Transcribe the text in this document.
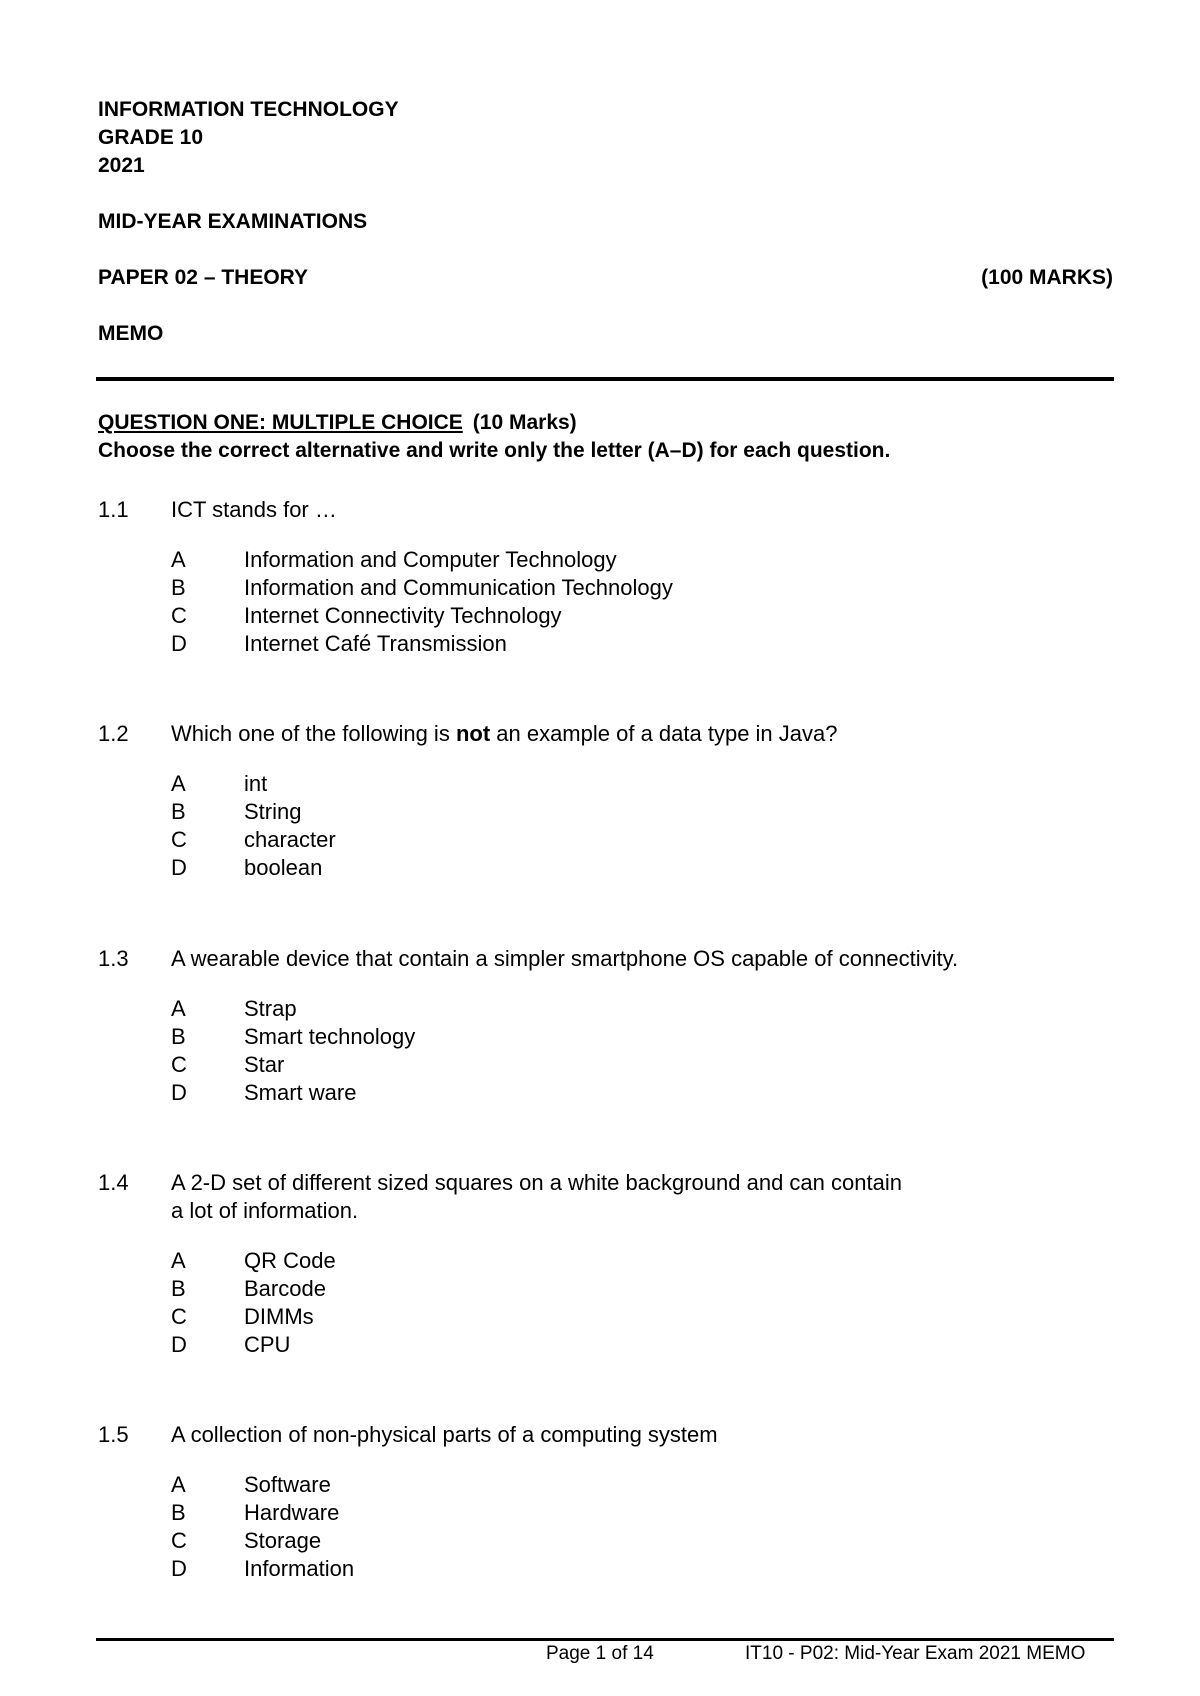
INFORMATION TECHNOLOGY
GRADE 10
2021
MID-YEAR EXAMINATIONS
PAPER 02 – THEORY	(100 MARKS)
MEMO
QUESTION ONE: MULTIPLE CHOICE (10 Marks)
Choose the correct alternative and write only the letter (A–D) for each question.
1.1	ICT stands for …
A	Information and Computer Technology
B	Information and Communication Technology
C	Internet Connectivity Technology
D	Internet Café Transmission
1.2	Which one of the following is not an example of a data type in Java?
A	int
B	String
C	character
D	boolean
1.3	A wearable device that contain a simpler smartphone OS capable of connectivity.
A	Strap
B	Smart technology
C	Star
D	Smart ware
1.4	A 2-D set of different sized squares on a white background and can contain
a lot of information.
A	QR Code
B	Barcode
C	DIMMs
D	CPU
1.5	A collection of non-physical parts of a computing system
A	Software
B	Hardware
C	Storage
D	Information
Page 1 of 14	IT10 - P02: Mid-Year Exam 2021 MEMO
